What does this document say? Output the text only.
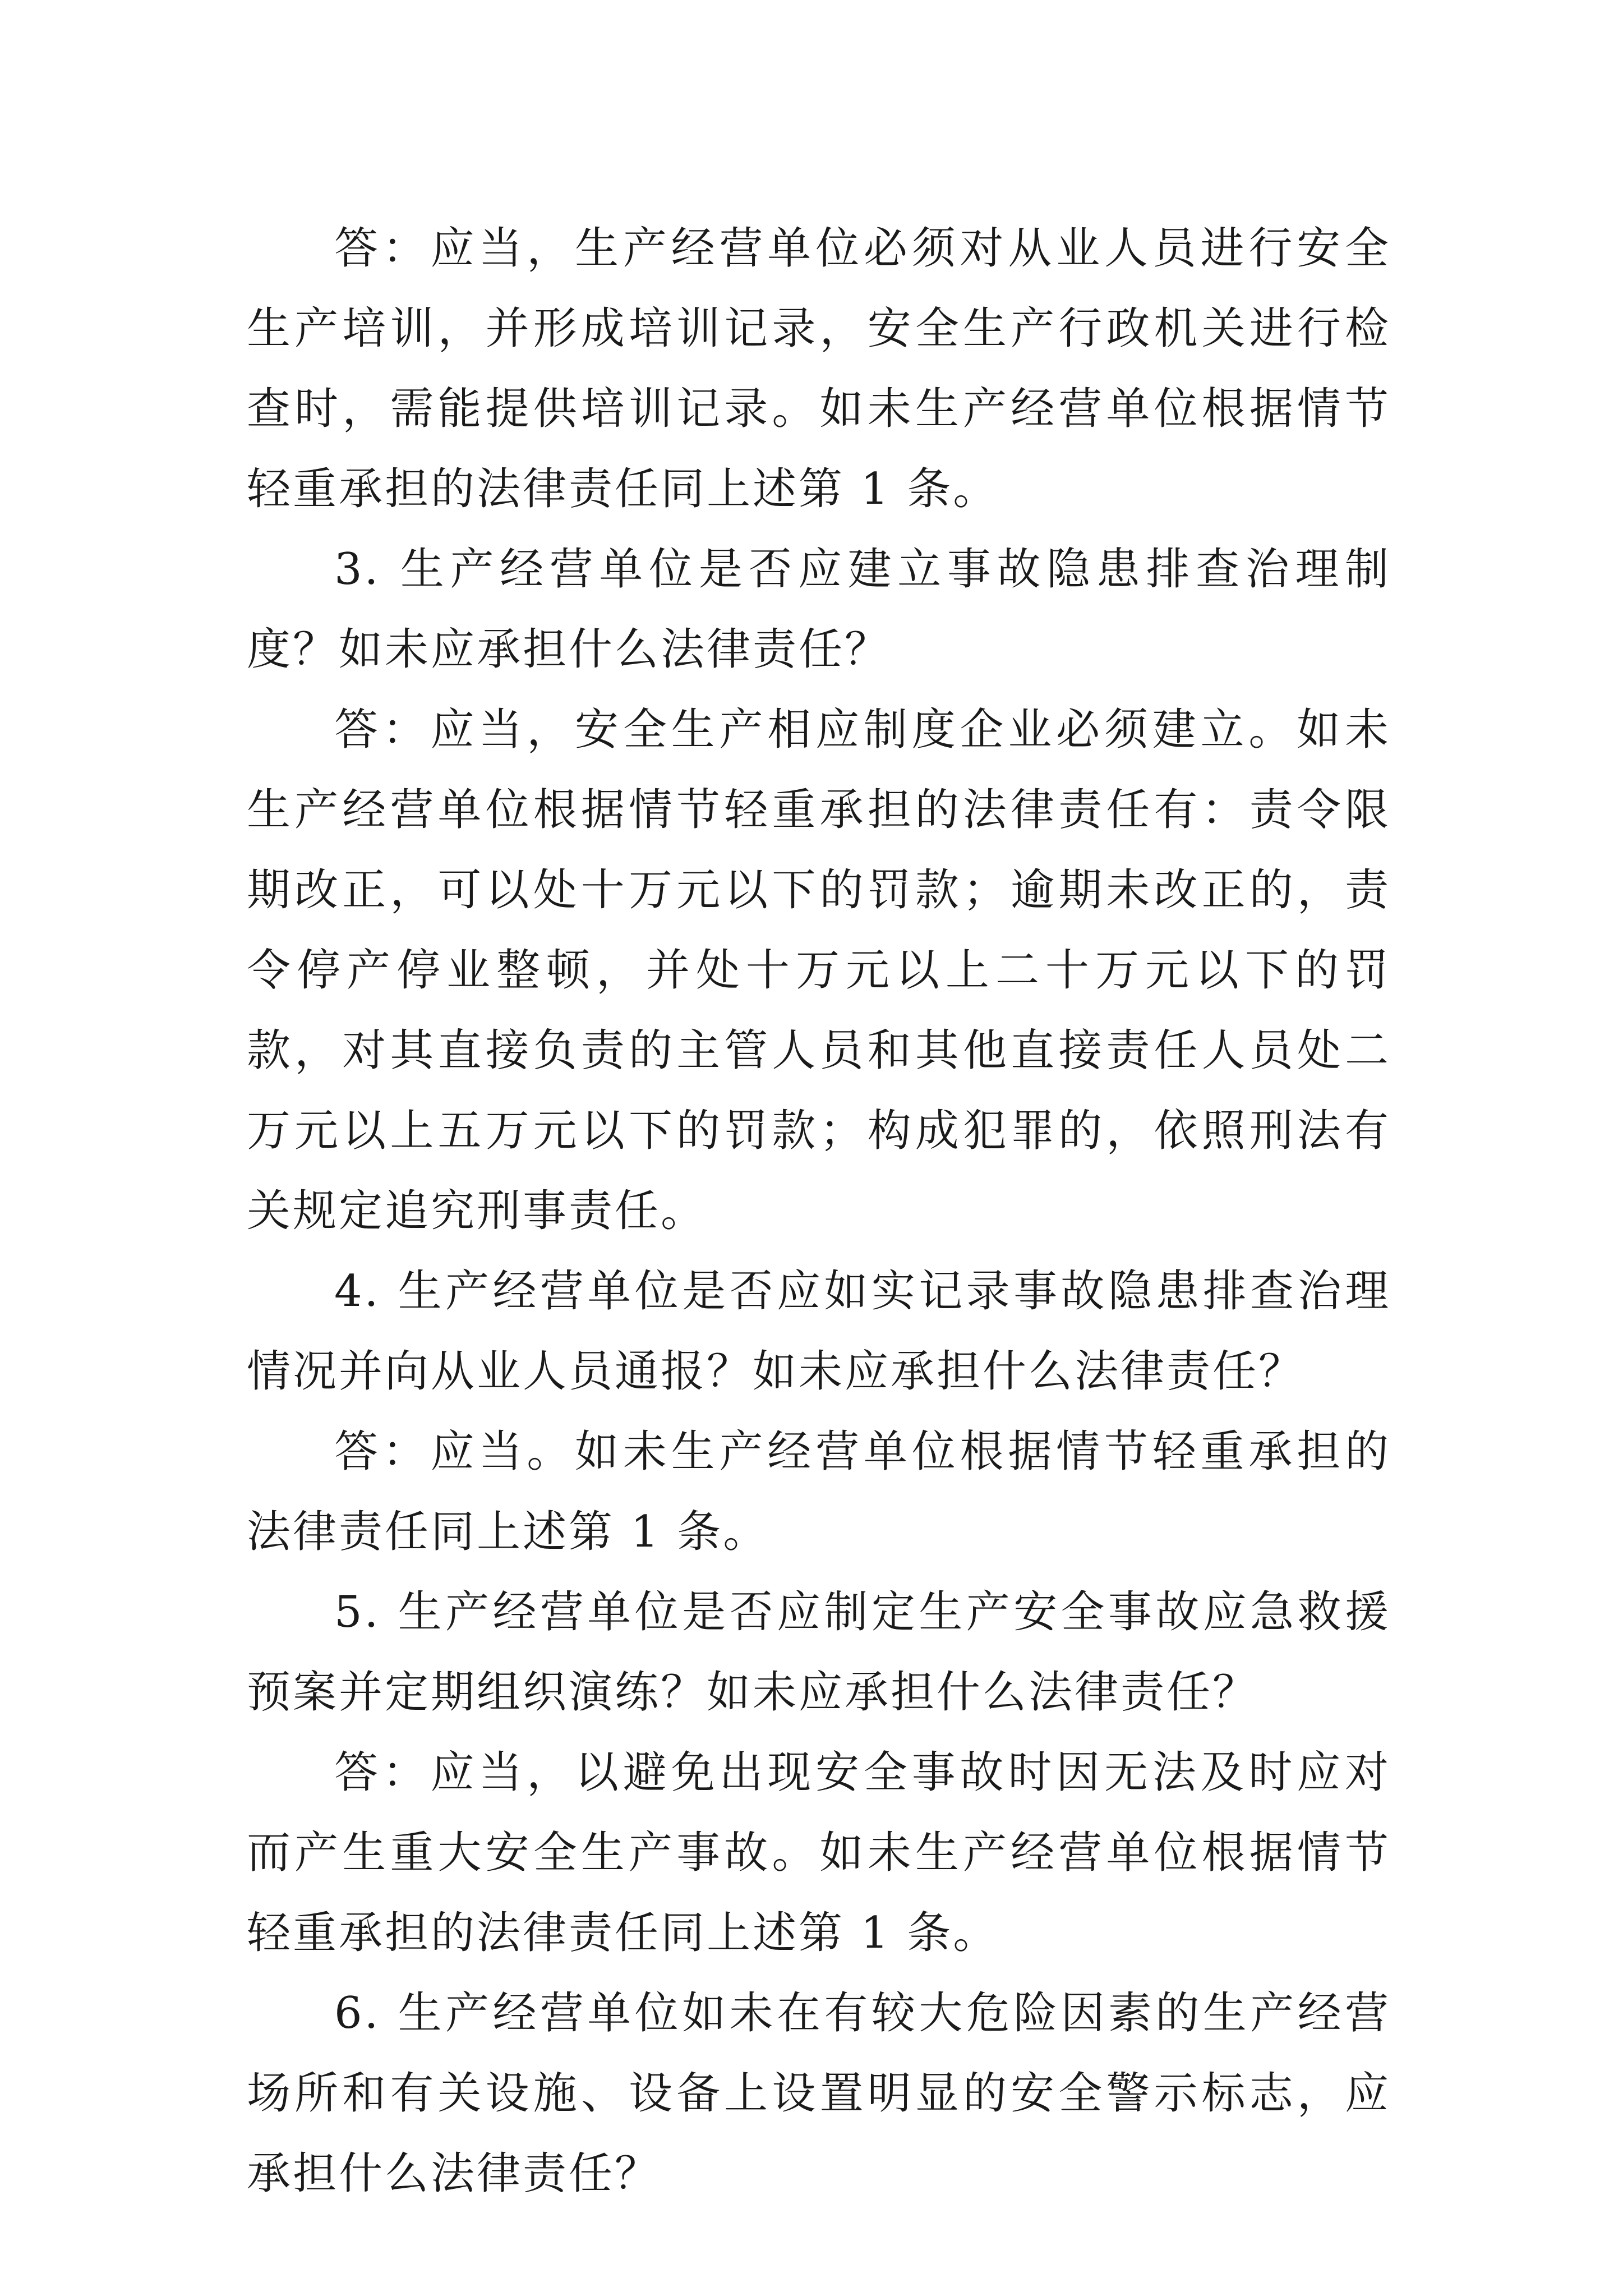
答：应当，生产经营单位必须对从业人员进行安全生产培训，并形成培训记录，安全生产行政机关进行检查时，需能提供培训记录。如未生产经营单位根据情节轻重承担的法律责任同上述第 1 条。

3. 生产经营单位是否应建立事故隐患排查治理制度？如未应承担什么法律责任？

答：应当，安全生产相应制度企业必须建立。如未生产经营单位根据情节轻重承担的法律责任有：责令限期改正，可以处十万元以下的罚款；逾期未改正的，责令停产停业整顿，并处十万元以上二十万元以下的罚款，对其直接负责的主管人员和其他直接责任人员处二万元以上五万元以下的罚款；构成犯罪的，依照刑法有关规定追究刑事责任。

4. 生产经营单位是否应如实记录事故隐患排查治理情况并向从业人员通报？如未应承担什么法律责任？

答：应当。如未生产经营单位根据情节轻重承担的法律责任同上述第 1 条。

5. 生产经营单位是否应制定生产安全事故应急救援预案并定期组织演练？如未应承担什么法律责任？

答：应当，以避免出现安全事故时因无法及时应对而产生重大安全生产事故。如未生产经营单位根据情节轻重承担的法律责任同上述第 1 条。

6. 生产经营单位如未在有较大危险因素的生产经营场所和有关设施、设备上设置明显的安全警示标志，应承担什么法律责任？
